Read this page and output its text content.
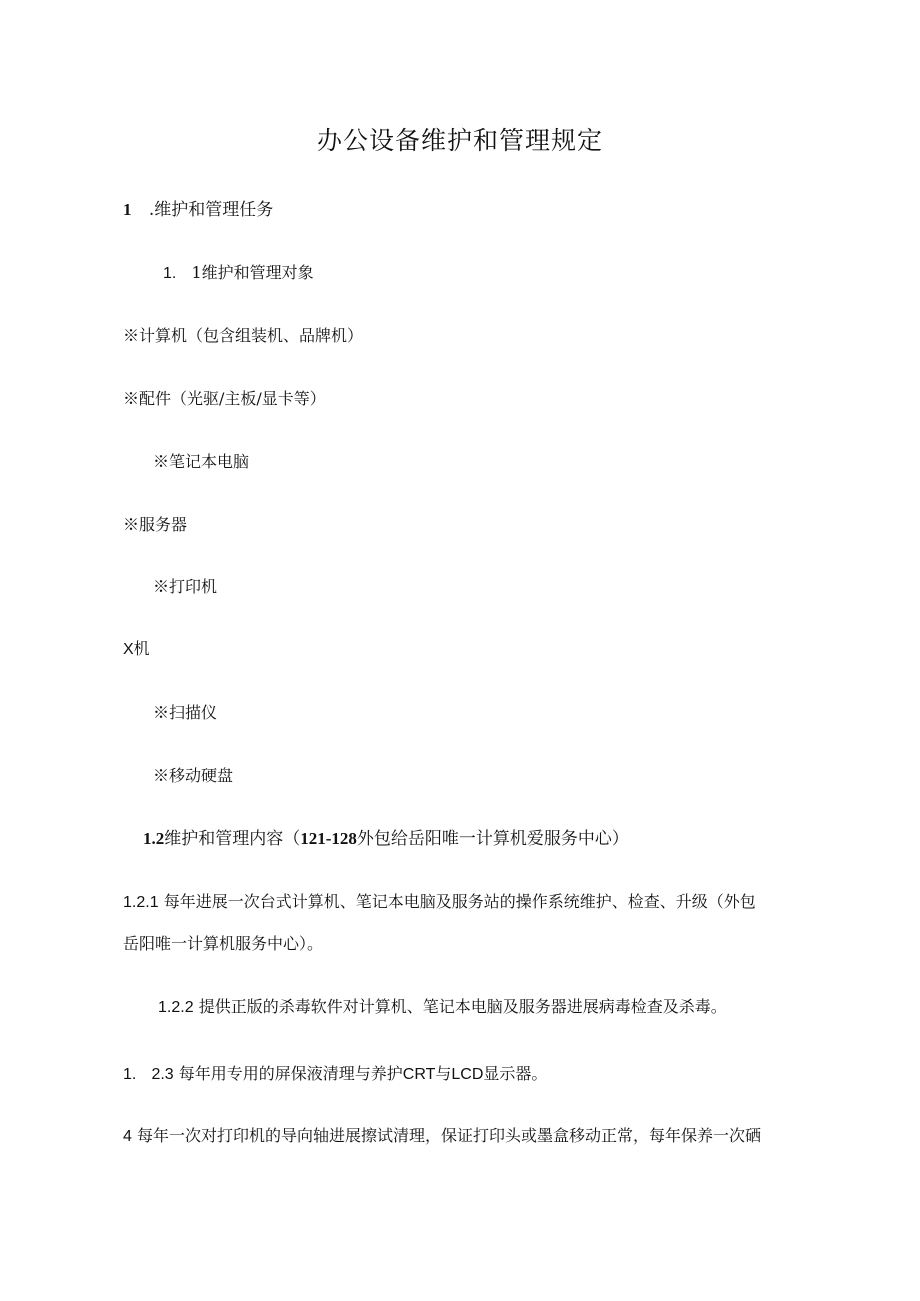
办公设备维护和管理规定
1 .维护和管理任务
1. 1维护和管理对象
※计算机（包含组装机、品牌机）
※配件（光驱/主板/显卡等）
※笔记本电脑
※服务器
※打印机
X机
※扫描仪
※移动硬盘
1.2维护和管理内容（121-128外包给岳阳唯一计算机爱服务中心）
1.2.1 每年进展一次台式计算机、笔记本电脑及服务站的操作系统维护、检查、升级（外包
岳阳唯一计算机服务中心）。
1.2.2 提供正版的杀毒软件对计算机、笔记本电脑及服务器进展病毒检查及杀毒。
1. 2.3 每年用专用的屏保液清理与养护CRT与LCD显示器。
4 每年一次对打印机的导向轴进展擦试清理，保证打印头或墨盒移动正常，每年保养一次硒
